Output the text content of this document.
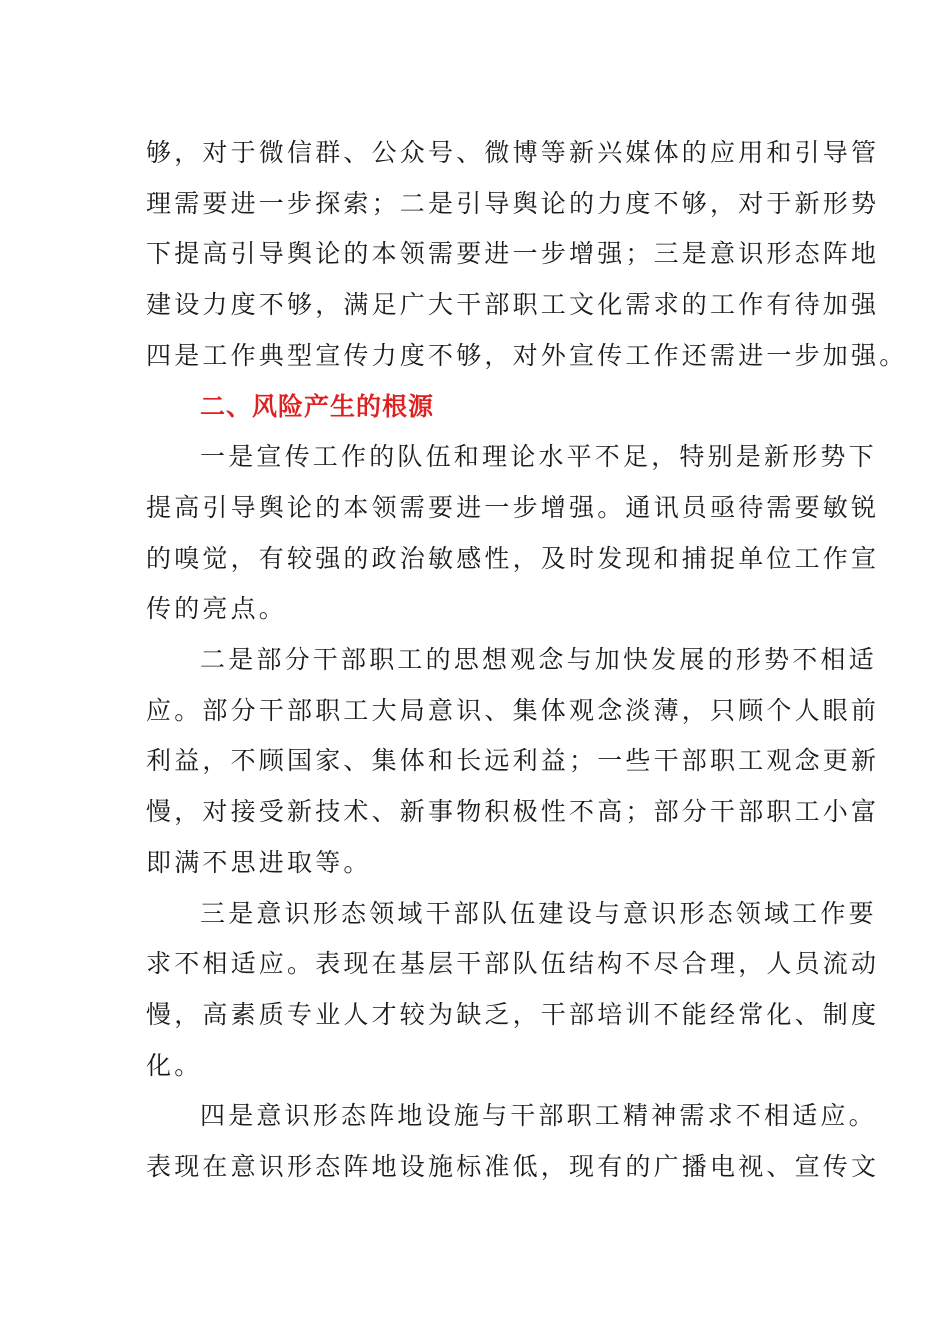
够，对于微信群、公众号、微博等新兴媒体的应用和引导管
理需要进一步探索；二是引导舆论的力度不够，对于新形势
下提高引导舆论的本领需要进一步增强；三是意识形态阵地
建设力度不够，满足广大干部职工文化需求的工作有待加强
四是工作典型宣传力度不够，对外宣传工作还需进一步加强。
二、风险产生的根源
一是宣传工作的队伍和理论水平不足，特别是新形势下
提高引导舆论的本领需要进一步增强。通讯员亟待需要敏锐
的嗅觉，有较强的政治敏感性，及时发现和捕捉单位工作宣
传的亮点。
二是部分干部职工的思想观念与加快发展的形势不相适
应。部分干部职工大局意识、集体观念淡薄，只顾个人眼前
利益，不顾国家、集体和长远利益；一些干部职工观念更新
慢，对接受新技术、新事物积极性不高；部分干部职工小富
即满不思进取等。
三是意识形态领域干部队伍建设与意识形态领域工作要
求不相适应。表现在基层干部队伍结构不尽合理，人员流动
慢，高素质专业人才较为缺乏，干部培训不能经常化、制度
化。
四是意识形态阵地设施与干部职工精神需求不相适应。
表现在意识形态阵地设施标准低，现有的广播电视、宣传文
